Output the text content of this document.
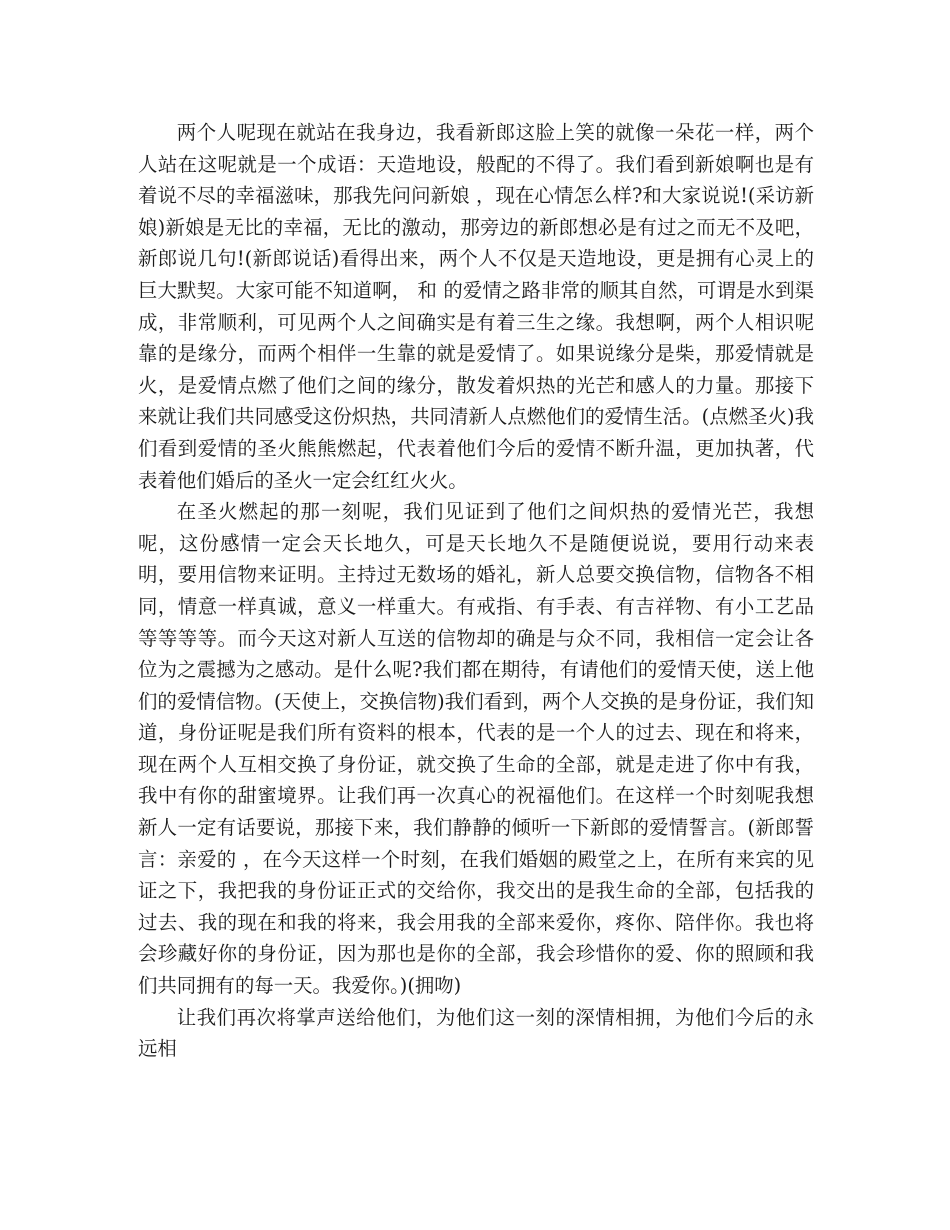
两个人呢现在就站在我身边，我看新郎这脸上笑的就像一朵花一样，两个人站在这呢就是一个成语：天造地设，般配的不得了。我们看到新娘啊也是有着说不尽的幸福滋味，那我先问问新娘 ，现在心情怎么样?和大家说说!(采访新娘)新娘是无比的幸福，无比的激动，那旁边的新郎想必是有过之而无不及吧，新郎说几句!(新郎说话)看得出来，两个人不仅是天造地设，更是拥有心灵上的巨大默契。大家可能不知道啊， 和 的爱情之路非常的顺其自然，可谓是水到渠成，非常顺利，可见两个人之间确实是有着三生之缘。我想啊，两个人相识呢靠的是缘分，而两个相伴一生靠的就是爱情了。如果说缘分是柴，那爱情就是火，是爱情点燃了他们之间的缘分，散发着炽热的光芒和感人的力量。那接下来就让我们共同感受这份炽热，共同清新人点燃他们的爱情生活。(点燃圣火)我们看到爱情的圣火熊熊燃起，代表着他们今后的爱情不断升温，更加执著，代表着他们婚后的圣火一定会红红火火。

在圣火燃起的那一刻呢，我们见证到了他们之间炽热的爱情光芒，我想呢，这份感情一定会天长地久，可是天长地久不是随便说说，要用行动来表明，要用信物来证明。主持过无数场的婚礼，新人总要交换信物，信物各不相同，情意一样真诚，意义一样重大。有戒指、有手表、有吉祥物、有小工艺品等等等等。而今天这对新人互送的信物却的确是与众不同，我相信一定会让各位为之震撼为之感动。是什么呢?我们都在期待，有请他们的爱情天使，送上他们的爱情信物。(天使上，交换信物)我们看到，两个人交换的是身份证，我们知道，身份证呢是我们所有资料的根本，代表的是一个人的过去、现在和将来，现在两个人互相交换了身份证，就交换了生命的全部，就是走进了你中有我，我中有你的甜蜜境界。让我们再一次真心的祝福他们。在这样一个时刻呢我想新人一定有话要说，那接下来，我们静静的倾听一下新郎的爱情誓言。(新郎誓言：亲爱的 ，在今天这样一个时刻，在我们婚姻的殿堂之上，在所有来宾的见证之下，我把我的身份证正式的交给你，我交出的是我生命的全部，包括我的过去、我的现在和我的将来，我会用我的全部来爱你，疼你、陪伴你。我也将会珍藏好你的身份证，因为那也是你的全部，我会珍惜你的爱、你的照顾和我们共同拥有的每一天。我爱你。)(拥吻)

让我们再次将掌声送给他们，为他们这一刻的深情相拥，为他们今后的永远相
